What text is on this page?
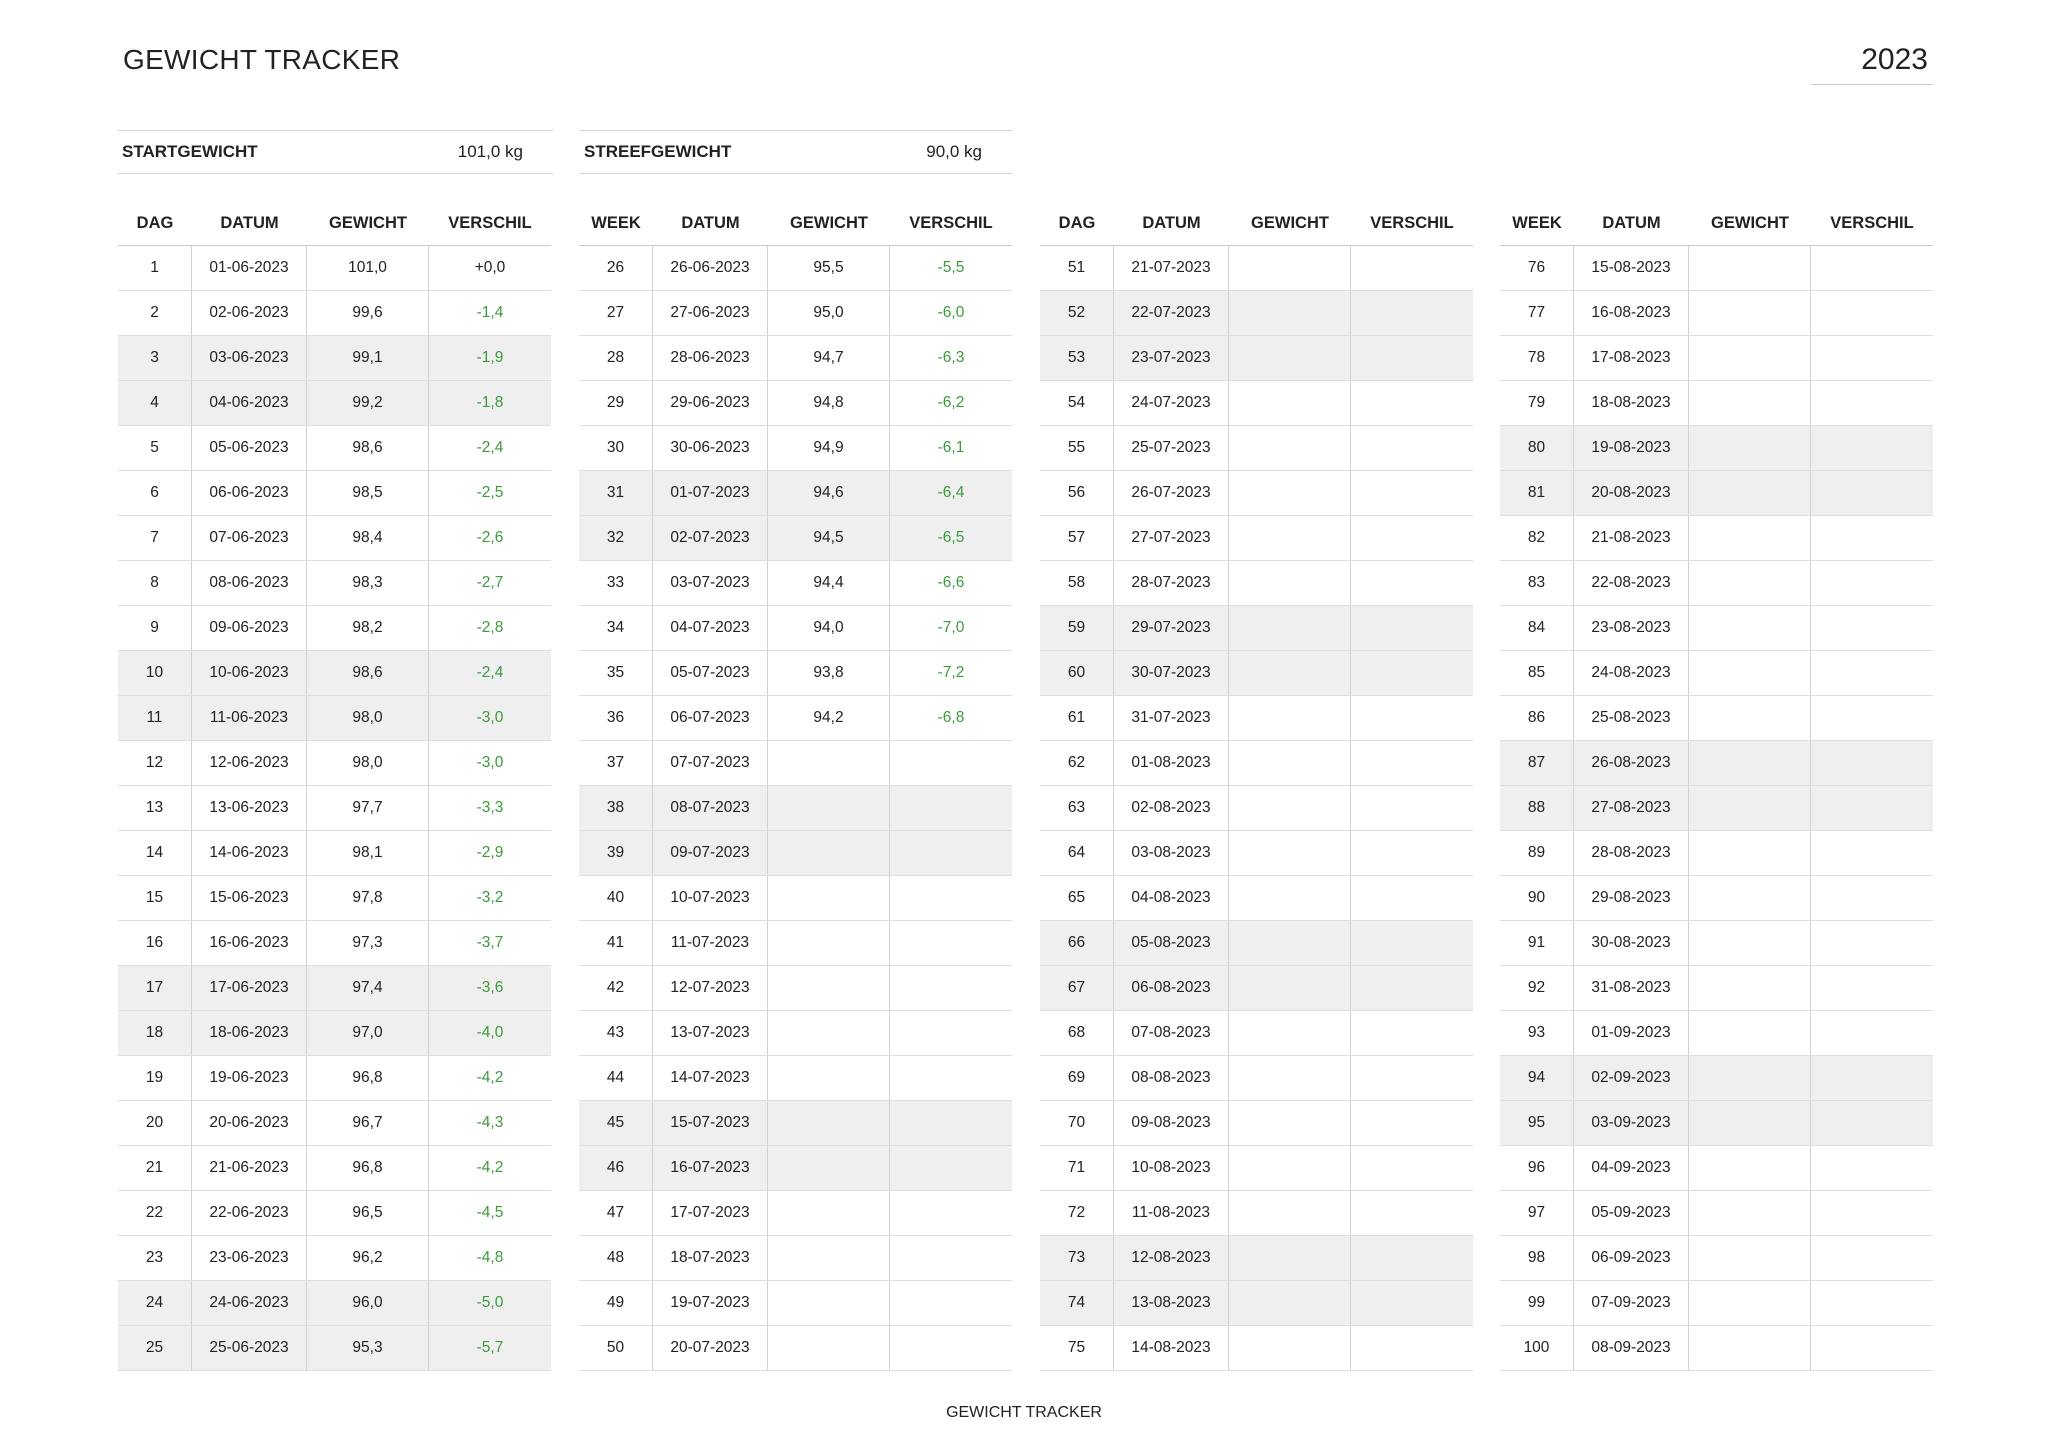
GEWICHT TRACKER	2023
STARTGEWICHT	101,0 kg	STREEFGEWICHT	90,0 kg
DAG	DATUM	GEWICHT	VERSCHIL
1	01-06-2023	101,0	+0,0
2	02-06-2023	99,6	-1,4
3	03-06-2023	99,1	-1,9
4	04-06-2023	99,2	-1,8
5	05-06-2023	98,6	-2,4
6	06-06-2023	98,5	-2,5
7	07-06-2023	98,4	-2,6
8	08-06-2023	98,3	-2,7
9	09-06-2023	98,2	-2,8
10	10-06-2023	98,6	-2,4
11	11-06-2023	98,0	-3,0
12	12-06-2023	98,0	-3,0
13	13-06-2023	97,7	-3,3
14	14-06-2023	98,1	-2,9
15	15-06-2023	97,8	-3,2
16	16-06-2023	97,3	-3,7
17	17-06-2023	97,4	-3,6
18	18-06-2023	97,0	-4,0
19	19-06-2023	96,8	-4,2
20	20-06-2023	96,7	-4,3
21	21-06-2023	96,8	-4,2
22	22-06-2023	96,5	-4,5
23	23-06-2023	96,2	-4,8
24	24-06-2023	96,0	-5,0
25	25-06-2023	95,3	-5,7
WEEK	DATUM	GEWICHT	VERSCHIL
26	26-06-2023	95,5	-5,5
27	27-06-2023	95,0	-6,0
28	28-06-2023	94,7	-6,3
29	29-06-2023	94,8	-6,2
30	30-06-2023	94,9	-6,1
31	01-07-2023	94,6	-6,4
32	02-07-2023	94,5	-6,5
33	03-07-2023	94,4	-6,6
34	04-07-2023	94,0	-7,0
35	05-07-2023	93,8	-7,2
36	06-07-2023	94,2	-6,8
37	07-07-2023
38	08-07-2023
39	09-07-2023
40	10-07-2023
41	11-07-2023
42	12-07-2023
43	13-07-2023
44	14-07-2023
45	15-07-2023
46	16-07-2023
47	17-07-2023
48	18-07-2023
49	19-07-2023
50	20-07-2023
DAG	DATUM	GEWICHT	VERSCHIL
51	21-07-2023
52	22-07-2023
53	23-07-2023
54	24-07-2023
55	25-07-2023
56	26-07-2023
57	27-07-2023
58	28-07-2023
59	29-07-2023
60	30-07-2023
61	31-07-2023
62	01-08-2023
63	02-08-2023
64	03-08-2023
65	04-08-2023
66	05-08-2023
67	06-08-2023
68	07-08-2023
69	08-08-2023
70	09-08-2023
71	10-08-2023
72	11-08-2023
73	12-08-2023
74	13-08-2023
75	14-08-2023
WEEK	DATUM	GEWICHT	VERSCHIL
76	15-08-2023
77	16-08-2023
78	17-08-2023
79	18-08-2023
80	19-08-2023
81	20-08-2023
82	21-08-2023
83	22-08-2023
84	23-08-2023
85	24-08-2023
86	25-08-2023
87	26-08-2023
88	27-08-2023
89	28-08-2023
90	29-08-2023
91	30-08-2023
92	31-08-2023
93	01-09-2023
94	02-09-2023
95	03-09-2023
96	04-09-2023
97	05-09-2023
98	06-09-2023
99	07-09-2023
100	08-09-2023
GEWICHT TRACKER
